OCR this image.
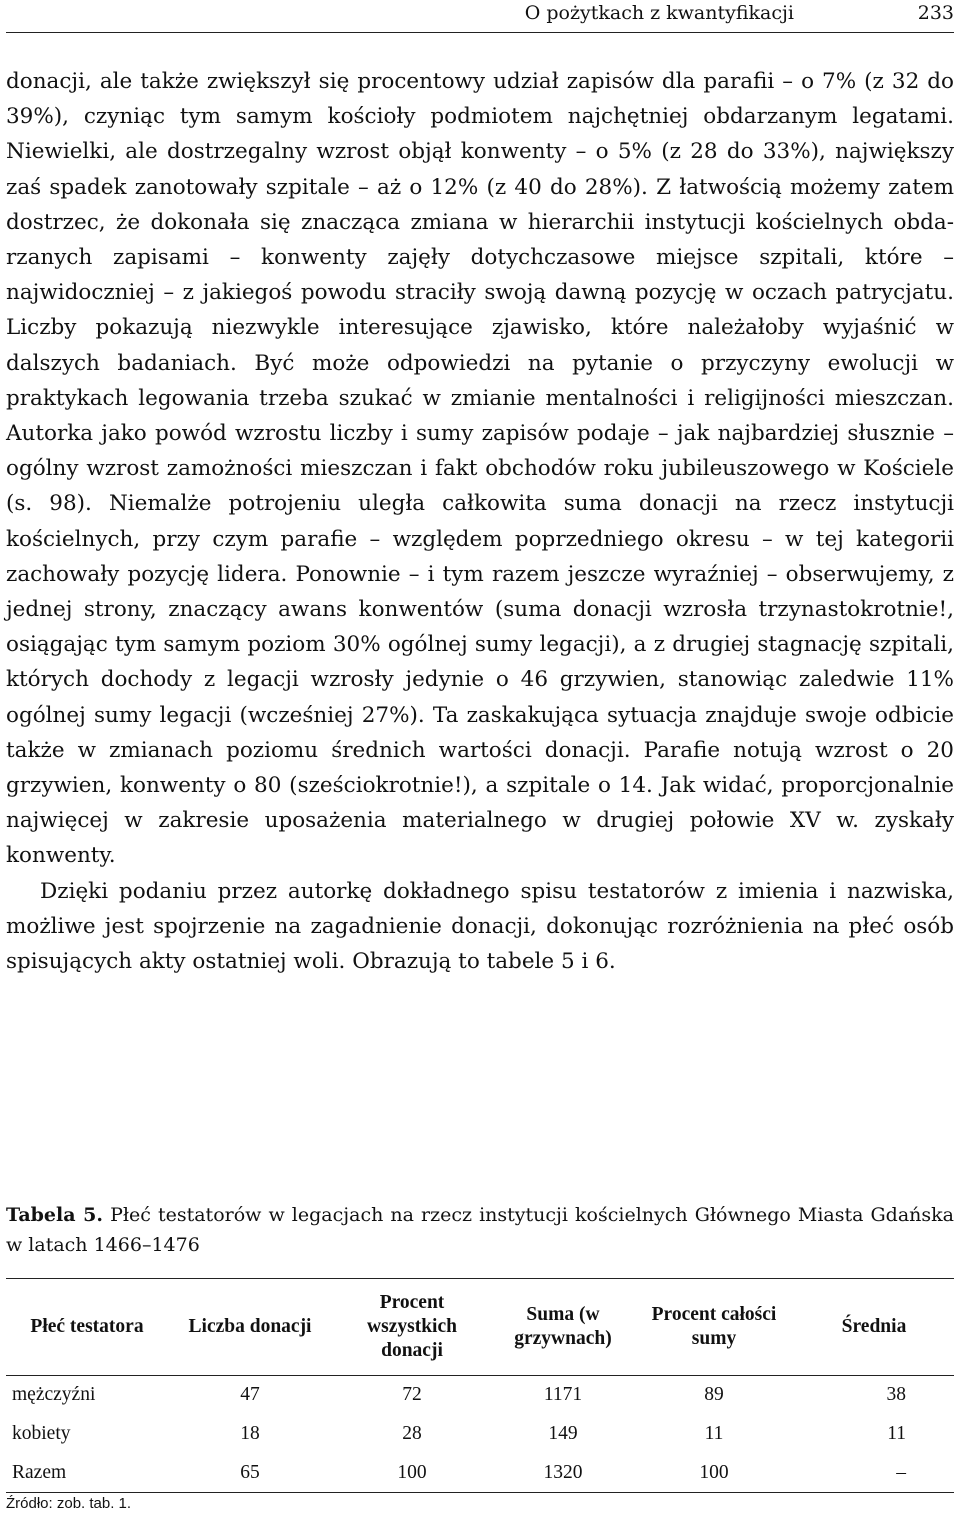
O pożytkach z kwantyfikacji	233

donacji, ale także zwiększył się procentowy udział zapisów dla parafii – o 7% (z 32 do 39%), czyniąc tym samym kościoły podmiotem najchętniej obdarzanym legatami. Niewielki, ale dostrzegalny wzrost objął konwenty – o 5% (z 28 do 33%), największy zaś spadek zanotowały szpitale – aż o 12% (z 40 do 28%). Z łatwością możemy zatem dostrzec, że dokonała się znacząca zmiana w hierarchii instytucji kościelnych obdarzanych zapisami – konwenty zajęły dotychczasowe miejsce szpitali, które – najwidoczniej – z jakiegoś powodu straciły swoją dawną pozycję w oczach patrycjatu. Liczby pokazują niezwykle interesujące zjawisko, które należałoby wyjaśnić w dalszych badaniach. Być może odpowiedzi na pytanie o przyczyny ewolucji w praktykach legowania trzeba szukać w zmianie mentalności i religijności mieszczan. Autorka jako powód wzrostu liczby i sumy zapisów podaje – jak najbardziej słusznie – ogólny wzrost zamożności mieszczan i fakt obchodów roku jubileuszowego w Kościele (s. 98). Niemalże potrojeniu uległa całkowita suma donacji na rzecz instytucji kościelnych, przy czym parafie – względem poprzedniego okresu – w tej kategorii zachowały pozycję lidera. Ponownie – i tym razem jeszcze wyraźniej – obserwujemy, z jednej strony, znaczący awans konwentów (suma donacji wzrosła trzynastokrotnie!, osiągając tym samym poziom 30% ogólnej sumy legacji), a z drugiej stagnację szpitali, których dochody z legacji wzrosły jedynie o 46 grzywien, stanowiąc zaledwie 11% ogólnej sumy legacji (wcześniej 27%). Ta zaskakująca sytuacja znajduje swoje odbicie także w zmianach poziomu średnich wartości donacji. Parafie notują wzrost o 20 grzywien, konwenty o 80 (sześciokrotnie!), a szpitale o 14. Jak widać, proporcjonalnie najwięcej w zakresie uposażenia materialnego w drugiej połowie XV w. zyskały konwenty.

Dzięki podaniu przez autorkę dokładnego spisu testatorów z imienia i nazwiska, możliwe jest spojrzenie na zagadnienie donacji, dokonując rozróżnienia na płeć osób spisujących akty ostatniej woli. Obrazują to tabele 5 i 6.

Tabela 5. Płeć testatorów w legacjach na rzecz instytucji kościelnych Głównego Miasta Gdańska w latach 1466–1476
Płeć testatora	Liczba donacji	Procent wszystkich donacji	Suma (w grzywnach)	Procent całości sumy	Średnia
mężczyźni	47	72	1171	89	38
kobiety	18	28	149	11	11
Razem	65	100	1320	100	–
Źródło: zob. tab. 1.
